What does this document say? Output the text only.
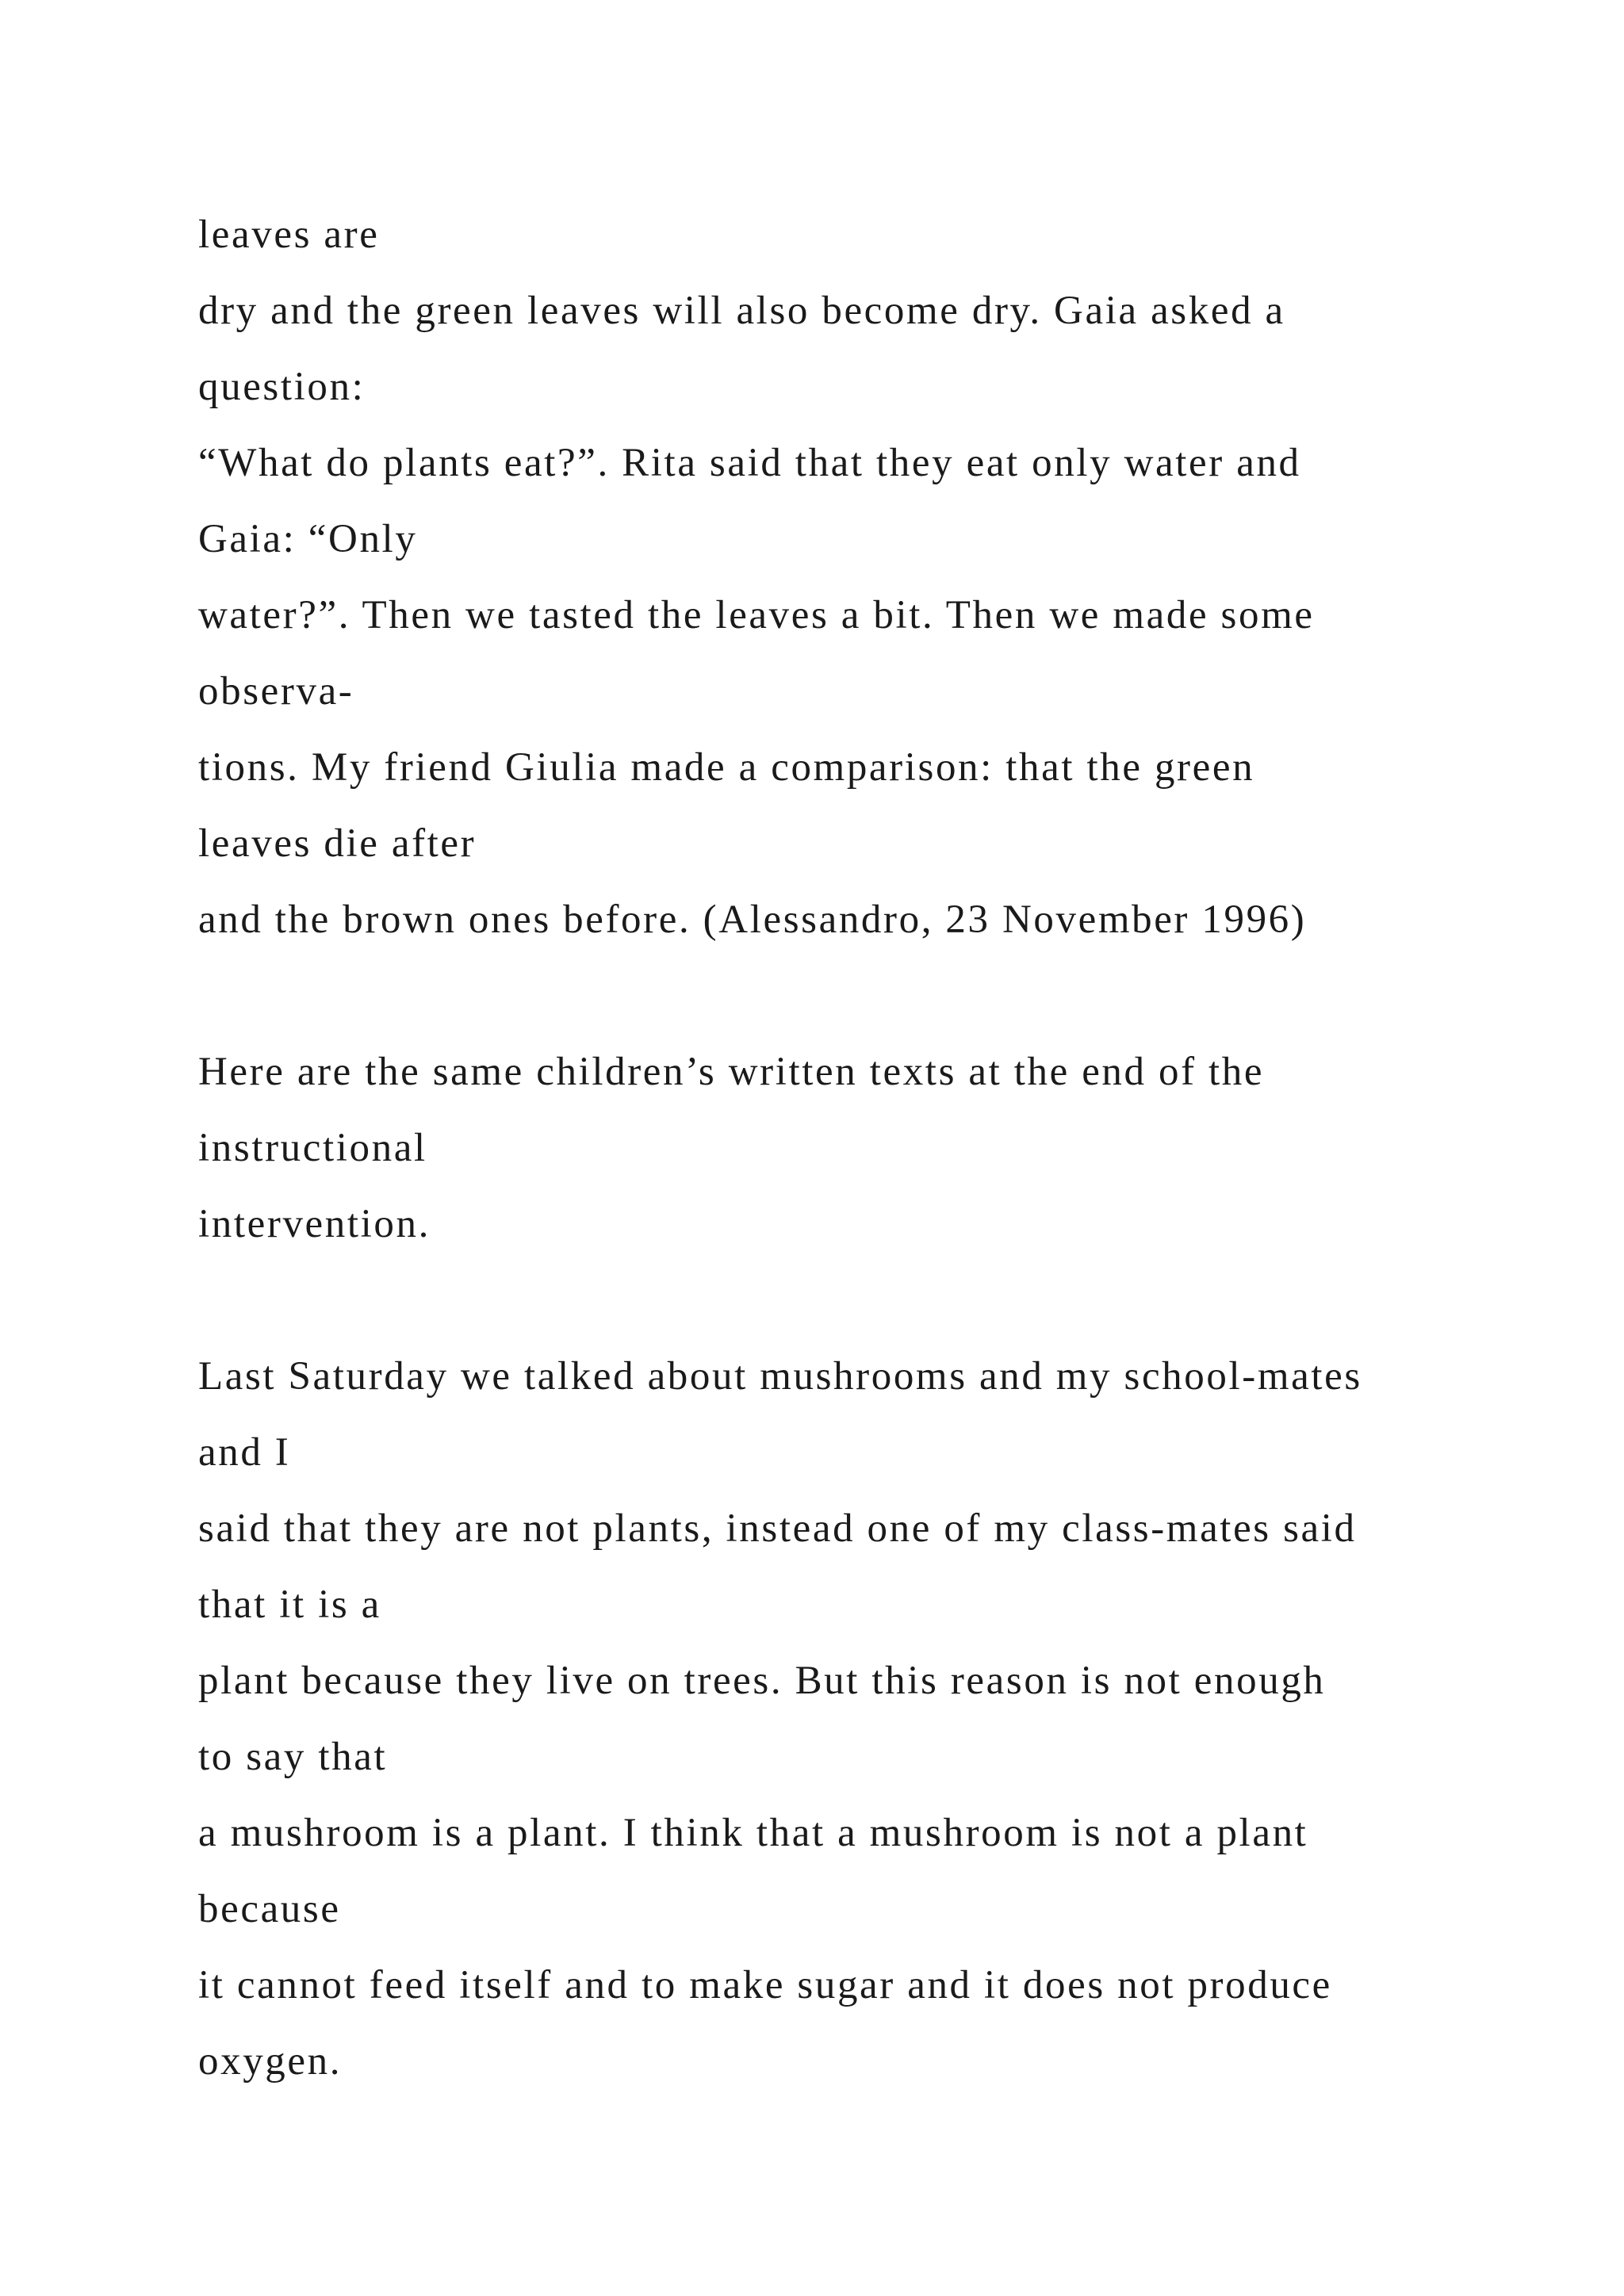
leaves are
dry and the green leaves will also become dry. Gaia asked a
question:
“What do plants eat?”. Rita said that they eat only water and
Gaia: “Only
water?”. Then we tasted the leaves a bit. Then we made some
observa-
tions. My friend Giulia made a comparison: that the green
leaves die after
and the brown ones before. (Alessandro, 23 November 1996)
Here are the same children’s written texts at the end of the
instructional
intervention.
Last Saturday we talked about mushrooms and my school-mates
and I
said that they are not plants, instead one of my class-mates said
that it is a
plant because they live on trees. But this reason is not enough
to say that
a mushroom is a plant. I think that a mushroom is not a plant
because
it cannot feed itself and to make sugar and it does not produce
oxygen.
